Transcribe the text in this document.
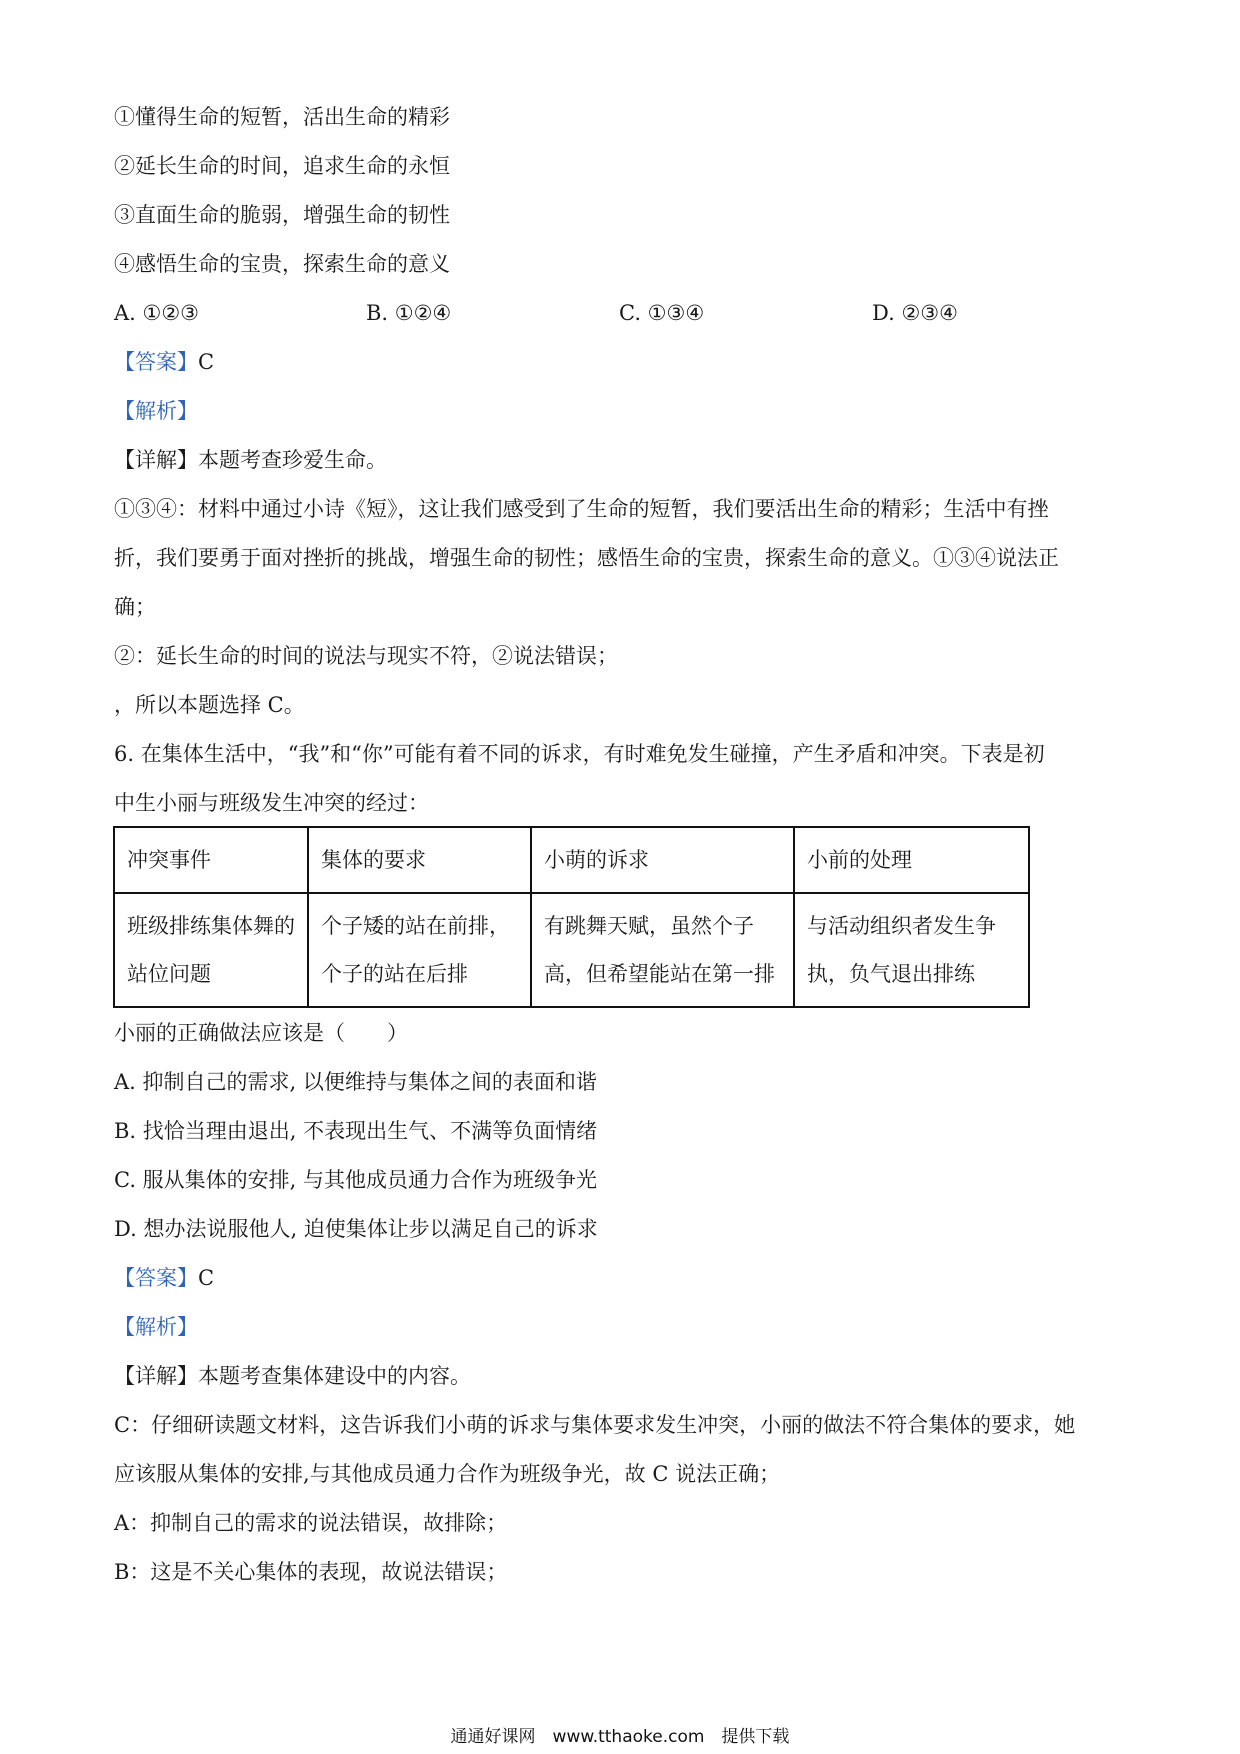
①懂得生命的短暂，活出生命的精彩
②延长生命的时间，追求生命的永恒
③直面生命的脆弱，增强生命的韧性
④感悟生命的宝贵，探索生命的意义
A. ①②③	B. ①②④	C. ①③④	D. ②③④
【答案】C
【解析】
【详解】本题考查珍爱生命。
①③④：材料中通过小诗《短》，这让我们感受到了生命的短暂，我们要活出生命的精彩；生活中有挫
折，我们要勇于面对挫折的挑战，增强生命的韧性；感悟生命的宝贵，探索生命的意义。①③④说法正
确；
②：延长生命的时间的说法与现实不符，②说法错误；
，所以本题选择 C。
6. 在集体生活中，“我”和“你”可能有着不同的诉求，有时难免发生碰撞，产生矛盾和冲突。下表是初
中生小丽与班级发生冲突的经过：
冲突事件	集体的要求	小萌的诉求	小前的处理
班级排练集体舞的站位问题	个子矮的站在前排，个子的站在后排	有跳舞天赋，虽然个子高，但希望能站在第一排	与活动组织者发生争执，负气退出排练
小丽的正确做法应该是（　　）
A. 抑制自己的需求, 以便维持与集体之间的表面和谐
B. 找恰当理由退出, 不表现出生气、不满等负面情绪
C. 服从集体的安排, 与其他成员通力合作为班级争光
D. 想办法说服他人, 迫使集体让步以满足自己的诉求
【答案】C
【解析】
【详解】本题考查集体建设中的内容。
C：仔细研读题文材料，这告诉我们小萌的诉求与集体要求发生冲突，小丽的做法不符合集体的要求，她
应该服从集体的安排,与其他成员通力合作为班级争光，故 C 说法正确；
A：抑制自己的需求的说法错误，故排除；
B：这是不关心集体的表现，故说法错误；
通通好课网　www.tthaoke.com　提供下载
